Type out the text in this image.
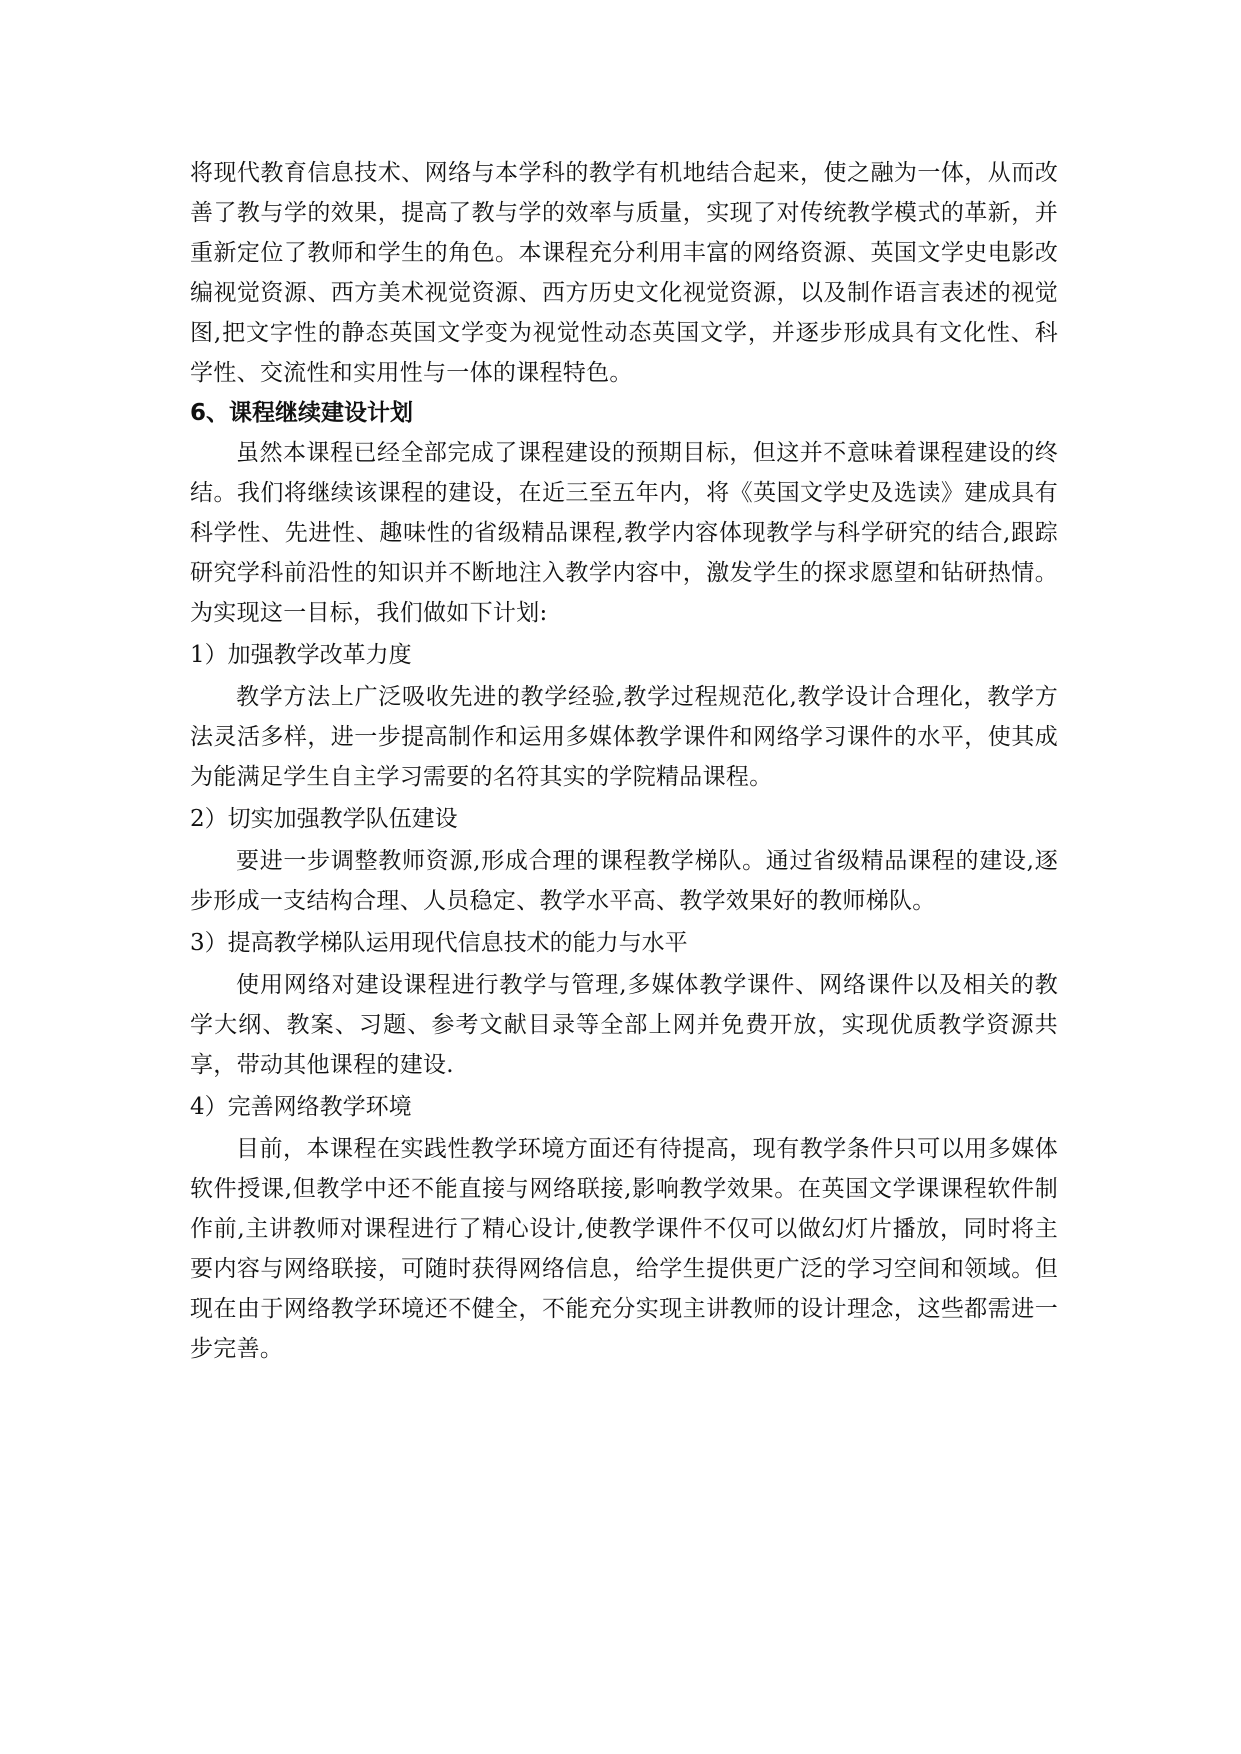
将现代教育信息技术、网络与本学科的教学有机地结合起来，使之融为一体，从而改善了教与学的效果，提高了教与学的效率与质量，实现了对传统教学模式的革新，并重新定位了教师和学生的角色。本课程充分利用丰富的网络资源、英国文学史电影改编视觉资源、西方美术视觉资源、西方历史文化视觉资源，以及制作语言表述的视觉图,把文字性的静态英国文学变为视觉性动态英国文学，并逐步形成具有文化性、科学性、交流性和实用性与一体的课程特色。

6、课程继续建设计划

虽然本课程已经全部完成了课程建设的预期目标，但这并不意味着课程建设的终结。我们将继续该课程的建设，在近三至五年内，将《英国文学史及选读》建成具有科学性、先进性、趣味性的省级精品课程,教学内容体现教学与科学研究的结合,跟踪研究学科前沿性的知识并不断地注入教学内容中，激发学生的探求愿望和钻研热情。为实现这一目标，我们做如下计划:

1）加强教学改革力度

教学方法上广泛吸收先进的教学经验,教学过程规范化,教学设计合理化，教学方法灵活多样，进一步提高制作和运用多媒体教学课件和网络学习课件的水平，使其成为能满足学生自主学习需要的名符其实的学院精品课程。

2）切实加强教学队伍建设

要进一步调整教师资源,形成合理的课程教学梯队。通过省级精品课程的建设,逐步形成一支结构合理、人员稳定、教学水平高、教学效果好的教师梯队。

3）提高教学梯队运用现代信息技术的能力与水平

使用网络对建设课程进行教学与管理,多媒体教学课件、网络课件以及相关的教学大纲、教案、习题、参考文献目录等全部上网并免费开放，实现优质教学资源共享，带动其他课程的建设.

4）完善网络教学环境

目前，本课程在实践性教学环境方面还有待提高，现有教学条件只可以用多媒体软件授课,但教学中还不能直接与网络联接,影响教学效果。在英国文学课课程软件制作前,主讲教师对课程进行了精心设计,使教学课件不仅可以做幻灯片播放，同时将主要内容与网络联接，可随时获得网络信息，给学生提供更广泛的学习空间和领域。但现在由于网络教学环境还不健全，不能充分实现主讲教师的设计理念，这些都需进一步完善。
